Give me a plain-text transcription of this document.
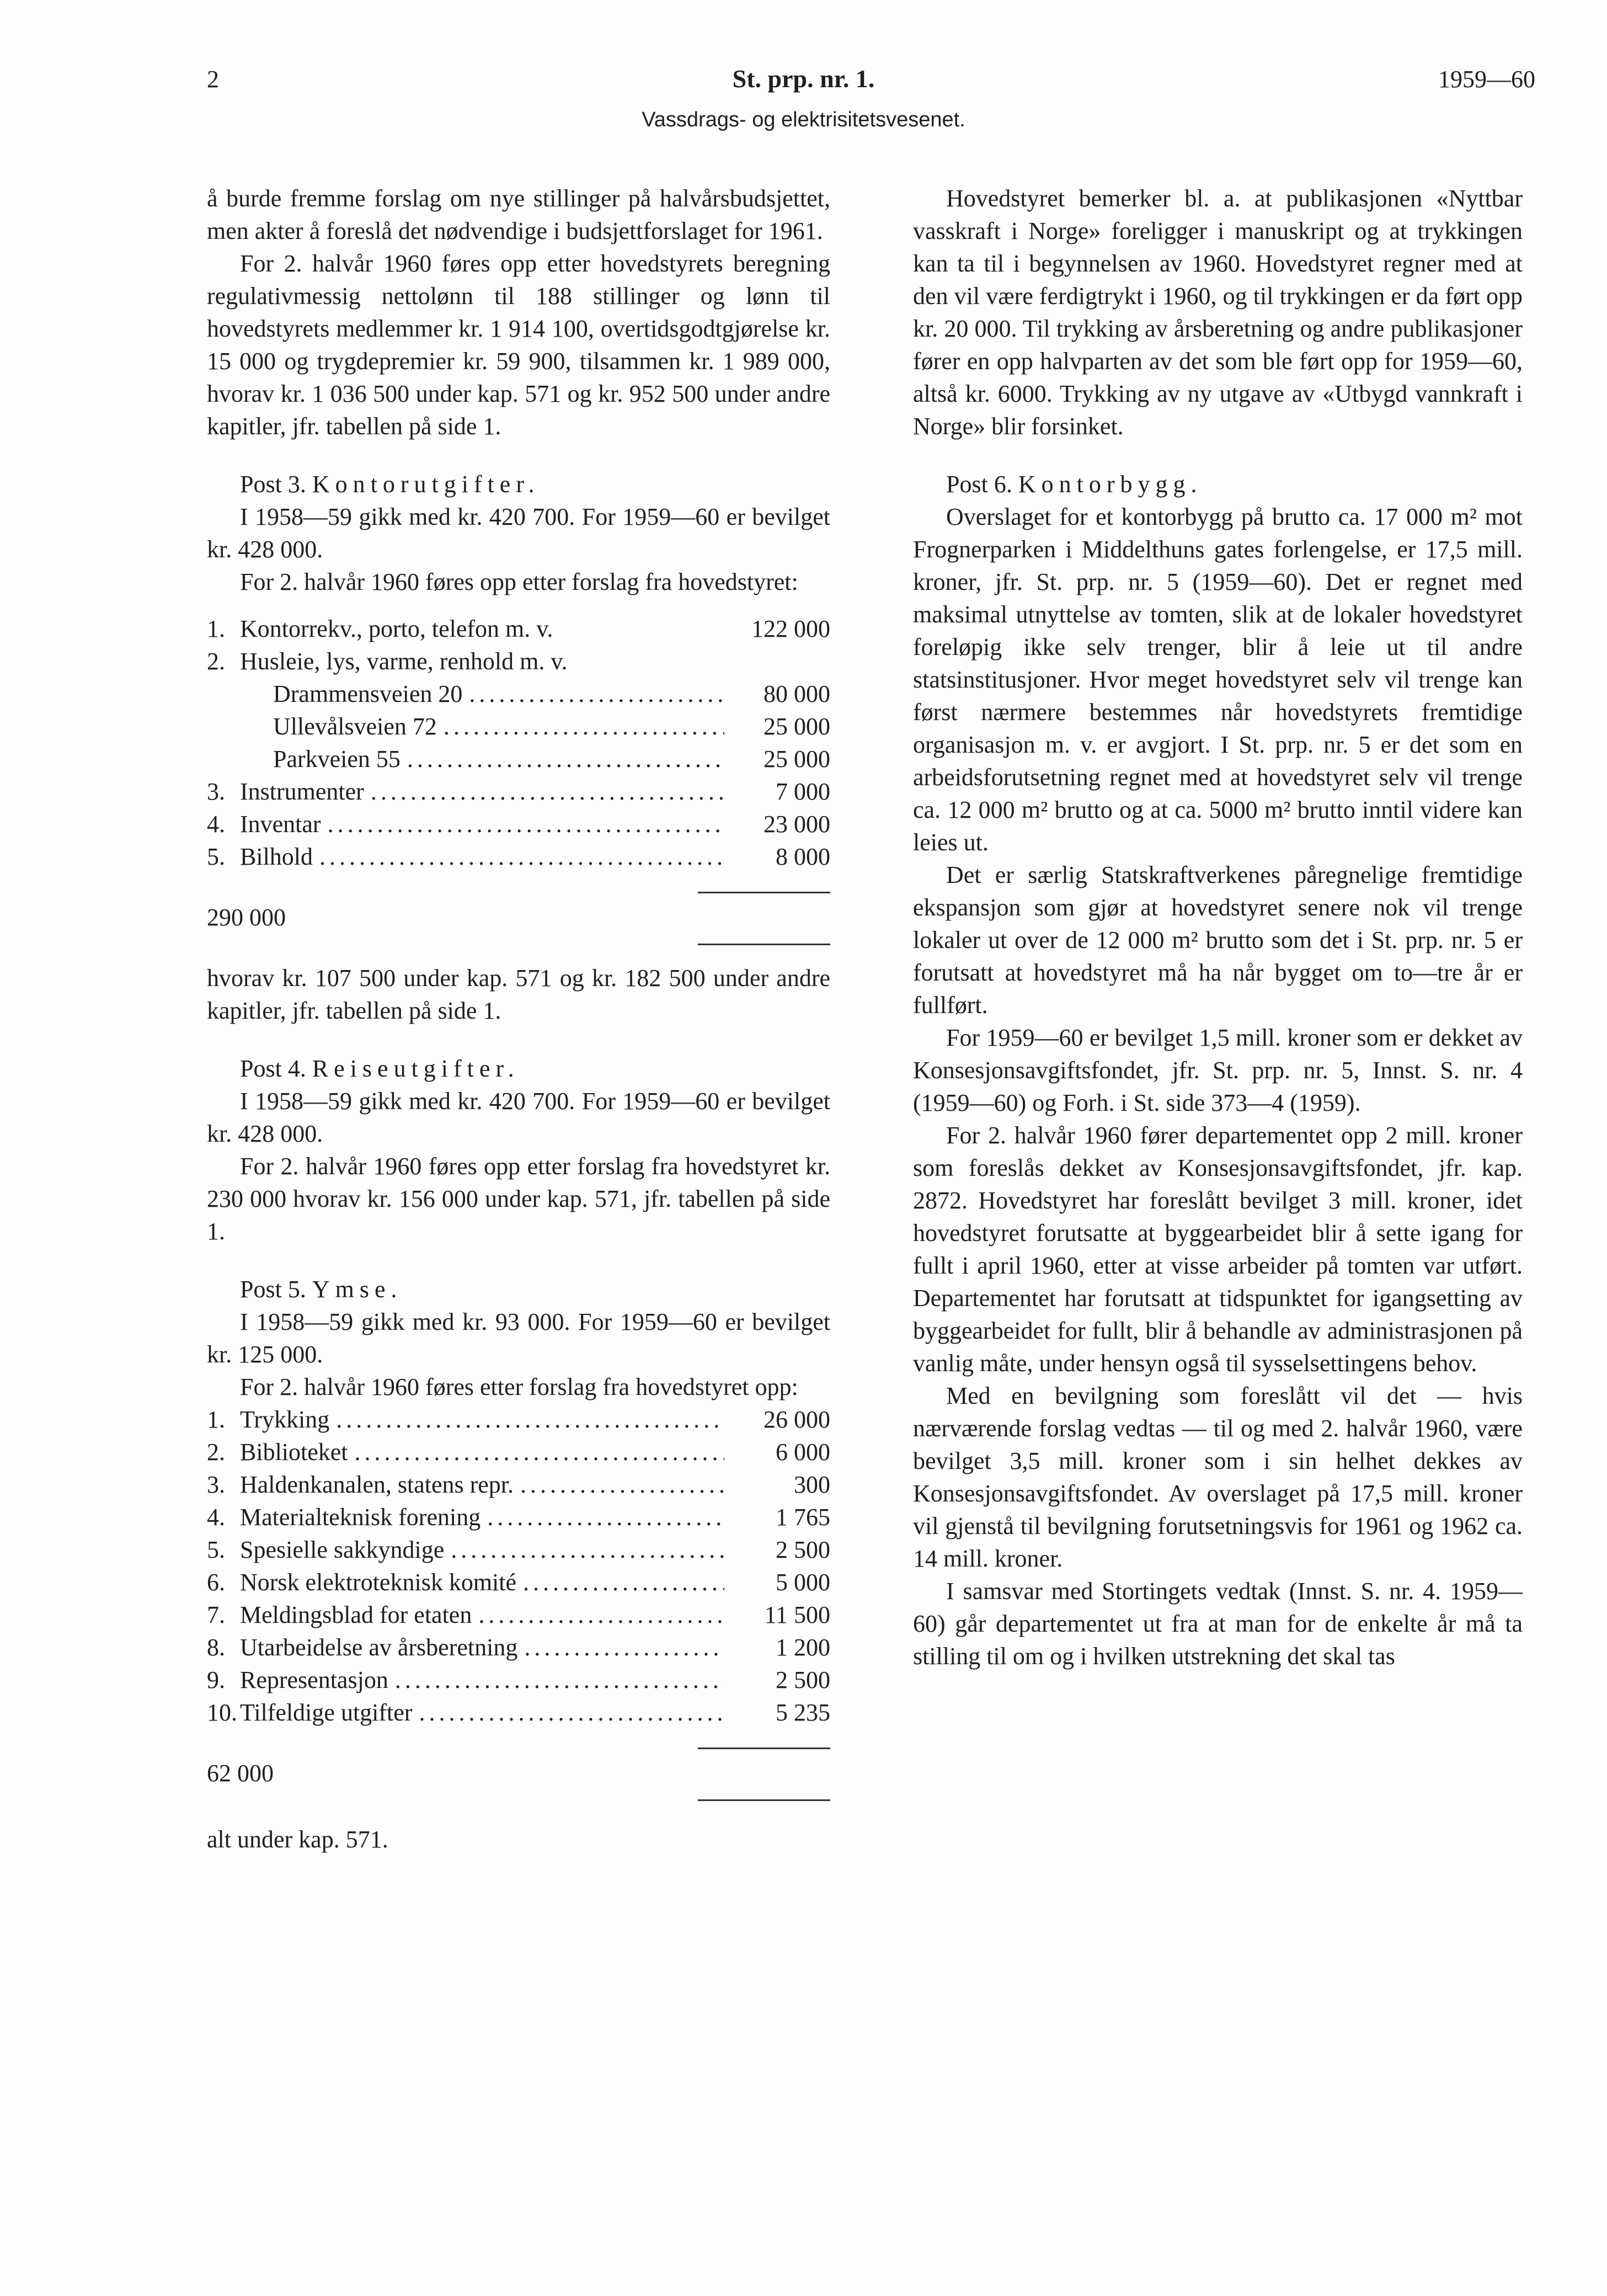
2	St. prp. nr. 1.	1959—60
Vassdrags- og elektrisitetsvesenet.

å burde fremme forslag om nye stillinger på halvårsbudsjettet, men akter å foreslå det nødvendige i budsjettforslaget for 1961.

For 2. halvår 1960 føres opp etter hovedstyrets beregning regulativmessig nettolønn til 188 stillinger og lønn til hovedstyrets medlemmer kr. 1 914 100, overtidsgodtgjørelse kr. 15 000 og trygdepremier kr. 59 900, tilsammen kr. 1 989 000, hvorav kr. 1 036 500 under kap. 571 og kr. 952 500 under andre kapitler, jfr. tabellen på side 1.

Post 3. Kontorutgifter.

I 1958—59 gikk med kr. 420 700. For 1959—60 er bevilget kr. 428 000.

For 2. halvår 1960 føres opp etter forslag fra hovedstyret:

1. Kontorrekv., porto, telefon m. v.	122 000
2. Husleie, lys, varme, renhold m. v.
Drammensveien 20 . . .	80 000
Ullevålsveien 72 . . .	25 000
Parkveien 55 . . .	25 000
3. Instrumenter . . .	7 000
4. Inventar . . .	23 000
5. Bilhold . . .	8 000

290 000

hvorav kr. 107 500 under kap. 571 og kr. 182 500 under andre kapitler, jfr. tabellen på side 1.

Post 4. Reiseutgifter.

I 1958—59 gikk med kr. 420 700. For 1959—60 er bevilget kr. 428 000.

For 2. halvår 1960 føres opp etter forslag fra hovedstyret kr. 230 000 hvorav kr. 156 000 under kap. 571, jfr. tabellen på side 1.

Post 5. Ymse.

I 1958—59 gikk med kr. 93 000. For 1959—60 er bevilget kr. 125 000.

For 2. halvår 1960 føres etter forslag fra hovedstyret opp:

1. Trykking . . .	26 000
2. Biblioteket . . .	6 000
3. Haldenkanalen, statens repr. . . .	300
4. Materialteknisk forening . . .	1 765
5. Spesielle sakkyndige . . .	2 500
6. Norsk elektroteknisk komité . . .	5 000
7. Meldingsblad for etaten . . .	11 500
8. Utarbeidelse av årsberetning . . .	1 200
9. Representasjon . . .	2 500
10. Tilfeldige utgifter . . .	5 235

62 000

alt under kap. 571.

Hovedstyret bemerker bl. a. at publikasjonen «Nyttbar vasskraft i Norge» foreligger i manuskript og at trykkingen kan ta til i begynnelsen av 1960. Hovedstyret regner med at den vil være ferdigtrykt i 1960, og til trykkingen er da ført opp kr. 20 000. Til trykking av årsberetning og andre publikasjoner fører en opp halvparten av det som ble ført opp for 1959—60, altså kr. 6000. Trykking av ny utgave av «Utbygd vannkraft i Norge» blir forsinket.

Post 6. Kontorbygg.

Overslaget for et kontorbygg på brutto ca. 17 000 m² mot Frognerparken i Middelthuns gates forlengelse, er 17,5 mill. kroner, jfr. St. prp. nr. 5 (1959—60). Det er regnet med maksimal utnyttelse av tomten, slik at de lokaler hovedstyret foreløpig ikke selv trenger, blir å leie ut til andre statsinstitusjoner. Hvor meget hovedstyret selv vil trenge kan først nærmere bestemmes når hovedstyrets fremtidige organisasjon m. v. er avgjort. I St. prp. nr. 5 er det som en arbeidsforutsetning regnet med at hovedstyret selv vil trenge ca. 12 000 m² brutto og at ca. 5000 m² brutto inntil videre kan leies ut.

Det er særlig Statskraftverkenes påregnelige fremtidige ekspansjon som gjør at hovedstyret senere nok vil trenge lokaler ut over de 12 000 m² brutto som det i St. prp. nr. 5 er forutsatt at hovedstyret må ha når bygget om to—tre år er fullført.

For 1959—60 er bevilget 1,5 mill. kroner som er dekket av Konsesjonsavgiftsfondet, jfr. St. prp. nr. 5, Innst. S. nr. 4 (1959—60) og Forh. i St. side 373—4 (1959).

For 2. halvår 1960 fører departementet opp 2 mill. kroner som foreslås dekket av Konsesjonsavgiftsfondet, jfr. kap. 2872. Hovedstyret har foreslått bevilget 3 mill. kroner, idet hovedstyret forutsatte at byggearbeidet blir å sette igang for fullt i april 1960, etter at visse arbeider på tomten var utført. Departementet har forutsatt at tidspunktet for igangsetting av byggearbeidet for fullt, blir å behandle av administrasjonen på vanlig måte, under hensyn også til sysselsettingens behov.

Med en bevilgning som foreslått vil det — hvis nærværende forslag vedtas — til og med 2. halvår 1960, være bevilget 3,5 mill. kroner som i sin helhet dekkes av Konsesjonsavgiftsfondet. Av overslaget på 17,5 mill. kroner vil gjenstå til bevilgning forutsetningsvis for 1961 og 1962 ca. 14 mill. kroner.

I samsvar med Stortingets vedtak (Innst. S. nr. 4. 1959—60) går departementet ut fra at man for de enkelte år må ta stilling til om og i hvilken utstrekning det skal tas
